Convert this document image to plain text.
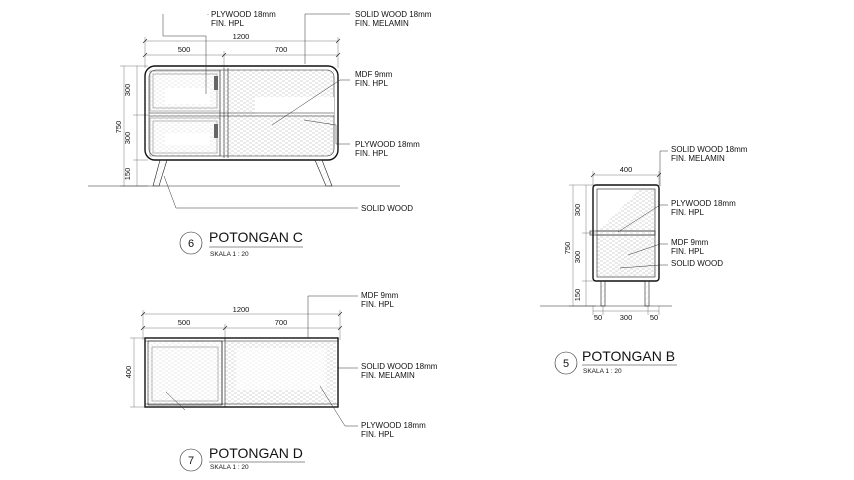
1200
500	700
750
300
300
150
PLYWOOD 18mm
FIN. HPL
SOLID WOOD 18mm
FIN. MELAMIN
MDF 9mm
FIN. HPL
PLYWOOD 18mm
FIN. HPL
SOLID WOOD
6 POTONGAN C
SKALA 1 : 20
1200
500	700
400
MDF 9mm
FIN. HPL
SOLID WOOD 18mm
FIN. MELAMIN
PLYWOOD 18mm
FIN. HPL
7 POTONGAN D
SKALA 1 : 20
400
750
300
300
150
50 300 50
SOLID WOOD 18mm
FIN. MELAMIN
PLYWOOD 18mm
FIN. HPL
MDF 9mm
FIN. HPL
SOLID WOOD
5 POTONGAN B
SKALA 1 : 20
